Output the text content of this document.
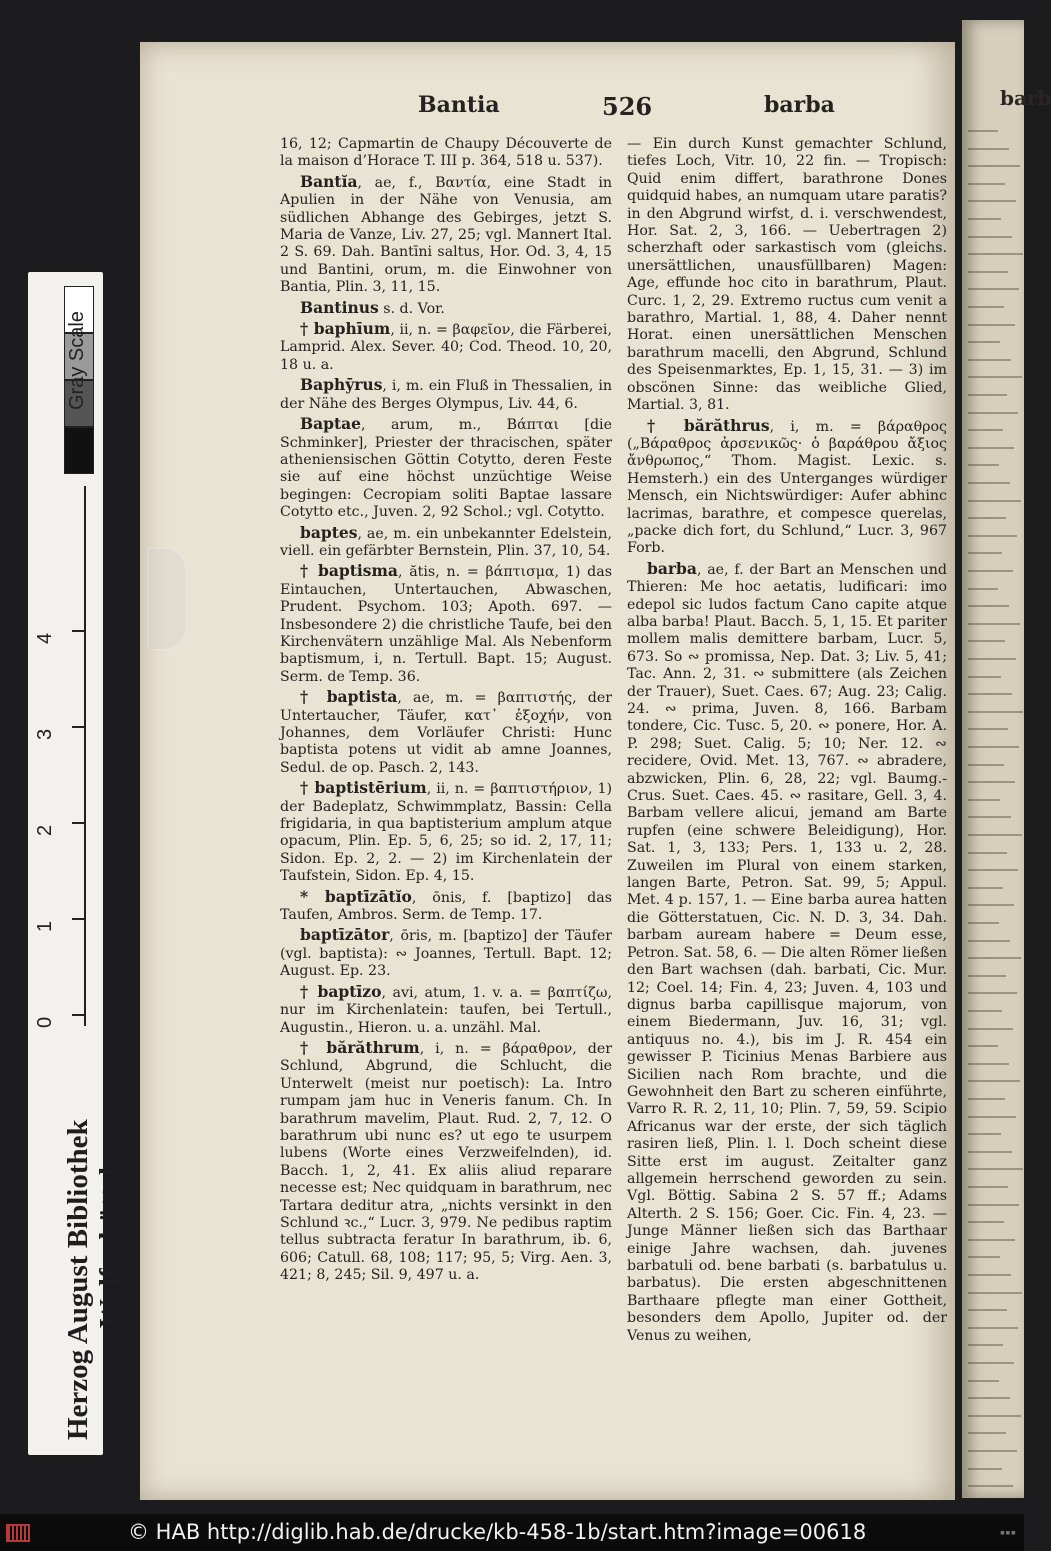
barb
Bantia	526	barba

16, 12; Capmartin de Chaupy Découverte de la maison d’Horace T. III p. 364, 518 u. 537).

Bantĭa, ae, f., Βαντία, eine Stadt in Apulien in der Nähe von Venusia, am südlichen Abhange des Gebirges, jetzt S. Maria de Vanze, Liv. 27, 25; vgl. Mannert Ital. 2 S. 69. Dah. Bantīni saltus, Hor. Od. 3, 4, 15 und Bantini, orum, m. die Einwohner von Bantia, Plin. 3, 11, 15.

Bantinus s. d. Vor.

† baphīum, ii, n. = βαφεῖον, die Färberei, Lamprid. Alex. Sever. 40; Cod. Theod. 10, 20, 18 u. a.

Baphȳrus, i, m. ein Fluß in Thessalien, in der Nähe des Berges Olympus, Liv. 44, 6.

Baptae, arum, m., Βάπται [die Schminker], Priester der thracischen, später atheniensischen Göttin Cotytto, deren Feste sie auf eine höchst unzüchtige Weise begingen: Cecropiam soliti Baptae lassare Cotytto etc., Juven. 2, 92 Schol.; vgl. Cotytto.

baptes, ae, m. ein unbekannter Edelstein, viell. ein gefärbter Bernstein, Plin. 37, 10, 54.

† baptisma, ătis, n. = βάπτισμα, 1) das Eintauchen, Untertauchen, Abwaschen, Prudent. Psychom. 103; Apoth. 697. — Insbesondere 2) die christliche Taufe, bei den Kirchenvätern unzählige Mal. Als Nebenform baptismum, i, n. Tertull. Bapt. 15; August. Serm. de Temp. 36.

† baptista, ae, m. = βαπτιστής, der Untertaucher, Täufer, κατ᾽ ἐξοχήν, von Johannes, dem Vorläufer Christi: Hunc baptista potens ut vidit ab amne Joannes, Sedul. de op. Pasch. 2, 143.

† baptistērium, ii, n. = βαπτιστήριον, 1) der Badeplatz, Schwimmplatz, Bassin: Cella frigidaria, in qua baptisterium amplum atque opacum, Plin. Ep. 5, 6, 25; so id. 2, 17, 11; Sidon. Ep. 2, 2. — 2) im Kirchenlatein der Taufstein, Sidon. Ep. 4, 15.

* baptīzātĭo, ōnis, f. [baptizo] das Taufen, Ambros. Serm. de Temp. 17.

baptīzātor, ōris, m. [baptizo] der Täufer (vgl. baptista): ∾ Joannes, Tertull. Bapt. 12; August. Ep. 23.

† baptīzo, avi, atum, 1. v. a. = βαπτίζω, nur im Kirchenlatein: taufen, bei Tertull., Augustin., Hieron. u. a. unzähl. Mal.

† bărăthrum, i, n. = βάραθρον, der Schlund, Abgrund, die Schlucht, die Unterwelt (meist nur poetisch): La. Intro rumpam jam huc in Veneris fanum. Ch. In barathrum mavelim, Plaut. Rud. 2, 7, 12. O barathrum ubi nunc es? ut ego te usurpem lubens (Worte eines Verzweifelnden), id. Bacch. 1, 2, 41. Ex aliis aliud reparare necesse est; Nec quidquam in barathrum, nec Tartara deditur atra, „nichts versinkt in den Schlund ꝛc.,“ Lucr. 3, 979. Ne pedibus raptim tellus subtracta feratur In barathrum, ib. 6, 606; Catull. 68, 108; 117; 95, 5; Virg. Aen. 3, 421; 8, 245; Sil. 9, 497 u. a.

— Ein durch Kunst gemachter Schlund, tiefes Loch, Vitr. 10, 22 fin. — Tropisch: Quid enim differt, barathrone Dones quidquid habes, an numquam utare paratis? in den Abgrund wirfst, d. i. verschwendest, Hor. Sat. 2, 3, 166. — Uebertragen 2) scherzhaft oder sarkastisch vom (gleichs. unersättlichen, unausfüllbaren) Magen: Age, effunde hoc cito in barathrum, Plaut. Curc. 1, 2, 29. Extremo ructus cum venit a barathro, Martial. 1, 88, 4. Daher nennt Horat. einen unersättlichen Menschen barathrum macelli, den Abgrund, Schlund des Speisenmarktes, Ep. 1, 15, 31. — 3) im obscönen Sinne: das weibliche Glied, Martial. 3, 81.

† bărăthrus, i, m. = βάραθρος („Βάραθρος ἀρσενικῶς· ὁ βαράθρου ἄξιος ἄνθρωπος,“ Thom. Magist. Lexic. s. Hemsterh.) ein des Unterganges würdiger Mensch, ein Nichtswürdiger: Aufer abhinc lacrimas, barathre, et compesce querelas, „packe dich fort, du Schlund,“ Lucr. 3, 967 Forb.

barba, ae, f. der Bart an Menschen und Thieren: Me hoc aetatis, ludificari: imo edepol sic ludos factum Cano capite atque alba barba! Plaut. Bacch. 5, 1, 15. Et pariter mollem malis demittere barbam, Lucr. 5, 673. So ∾ promissa, Nep. Dat. 3; Liv. 5, 41; Tac. Ann. 2, 31. ∾ submittere (als Zeichen der Trauer), Suet. Caes. 67; Aug. 23; Calig. 24. ∾ prima, Juven. 8, 166. Barbam tondere, Cic. Tusc. 5, 20. ∾ ponere, Hor. A. P. 298; Suet. Calig. 5; 10; Ner. 12. ∾ recidere, Ovid. Met. 13, 767. ∾ abradere, abzwicken, Plin. 6, 28, 22; vgl. Baumg.-Crus. Suet. Caes. 45. ∾ rasitare, Gell. 3, 4. Barbam vellere alicui, jemand am Barte rupfen (eine schwere Beleidigung), Hor. Sat. 1, 3, 133; Pers. 1, 133 u. 2, 28. Zuweilen im Plural von einem starken, langen Barte, Petron. Sat. 99, 5; Appul. Met. 4 p. 157, 1. — Eine barba aurea hatten die Götterstatuen, Cic. N. D. 3, 34. Dah. barbam auream habere = Deum esse, Petron. Sat. 58, 6. — Die alten Römer ließen den Bart wachsen (dah. barbati, Cic. Mur. 12; Coel. 14; Fin. 4, 23; Juven. 4, 103 und dignus barba capillisque majorum, von einem Biedermann, Juv. 16, 31; vgl. antiquus no. 4.), bis im J. R. 454 ein gewisser P. Ticinius Menas Barbiere aus Sicilien nach Rom brachte, und die Gewohnheit den Bart zu scheren einführte, Varro R. R. 2, 11, 10; Plin. 7, 59, 59. Scipio Africanus war der erste, der sich täglich rasiren ließ, Plin. l. l. Doch scheint diese Sitte erst im august. Zeitalter ganz allgemein herrschend geworden zu sein. Vgl. Böttig. Sabina 2 S. 57 ff.; Adams Alterth. 2 S. 156; Goer. Cic. Fin. 4, 23. — Junge Männer ließen sich das Barthaar einige Jahre wachsen, dah. juvenes barbatuli od. bene barbati (s. barbatulus u. barbatus). Die ersten abgeschnittenen Barthaare pflegte man einer Gottheit, besonders dem Apollo, Jupiter od. der Venus zu weihen,

Gray Scale
4
3
2
1
0
Herzog August Bibliothek Wolfenbüttel
© HAB http://diglib.hab.de/drucke/kb-458-1b/start.htm?image=00618	▪▪▪
